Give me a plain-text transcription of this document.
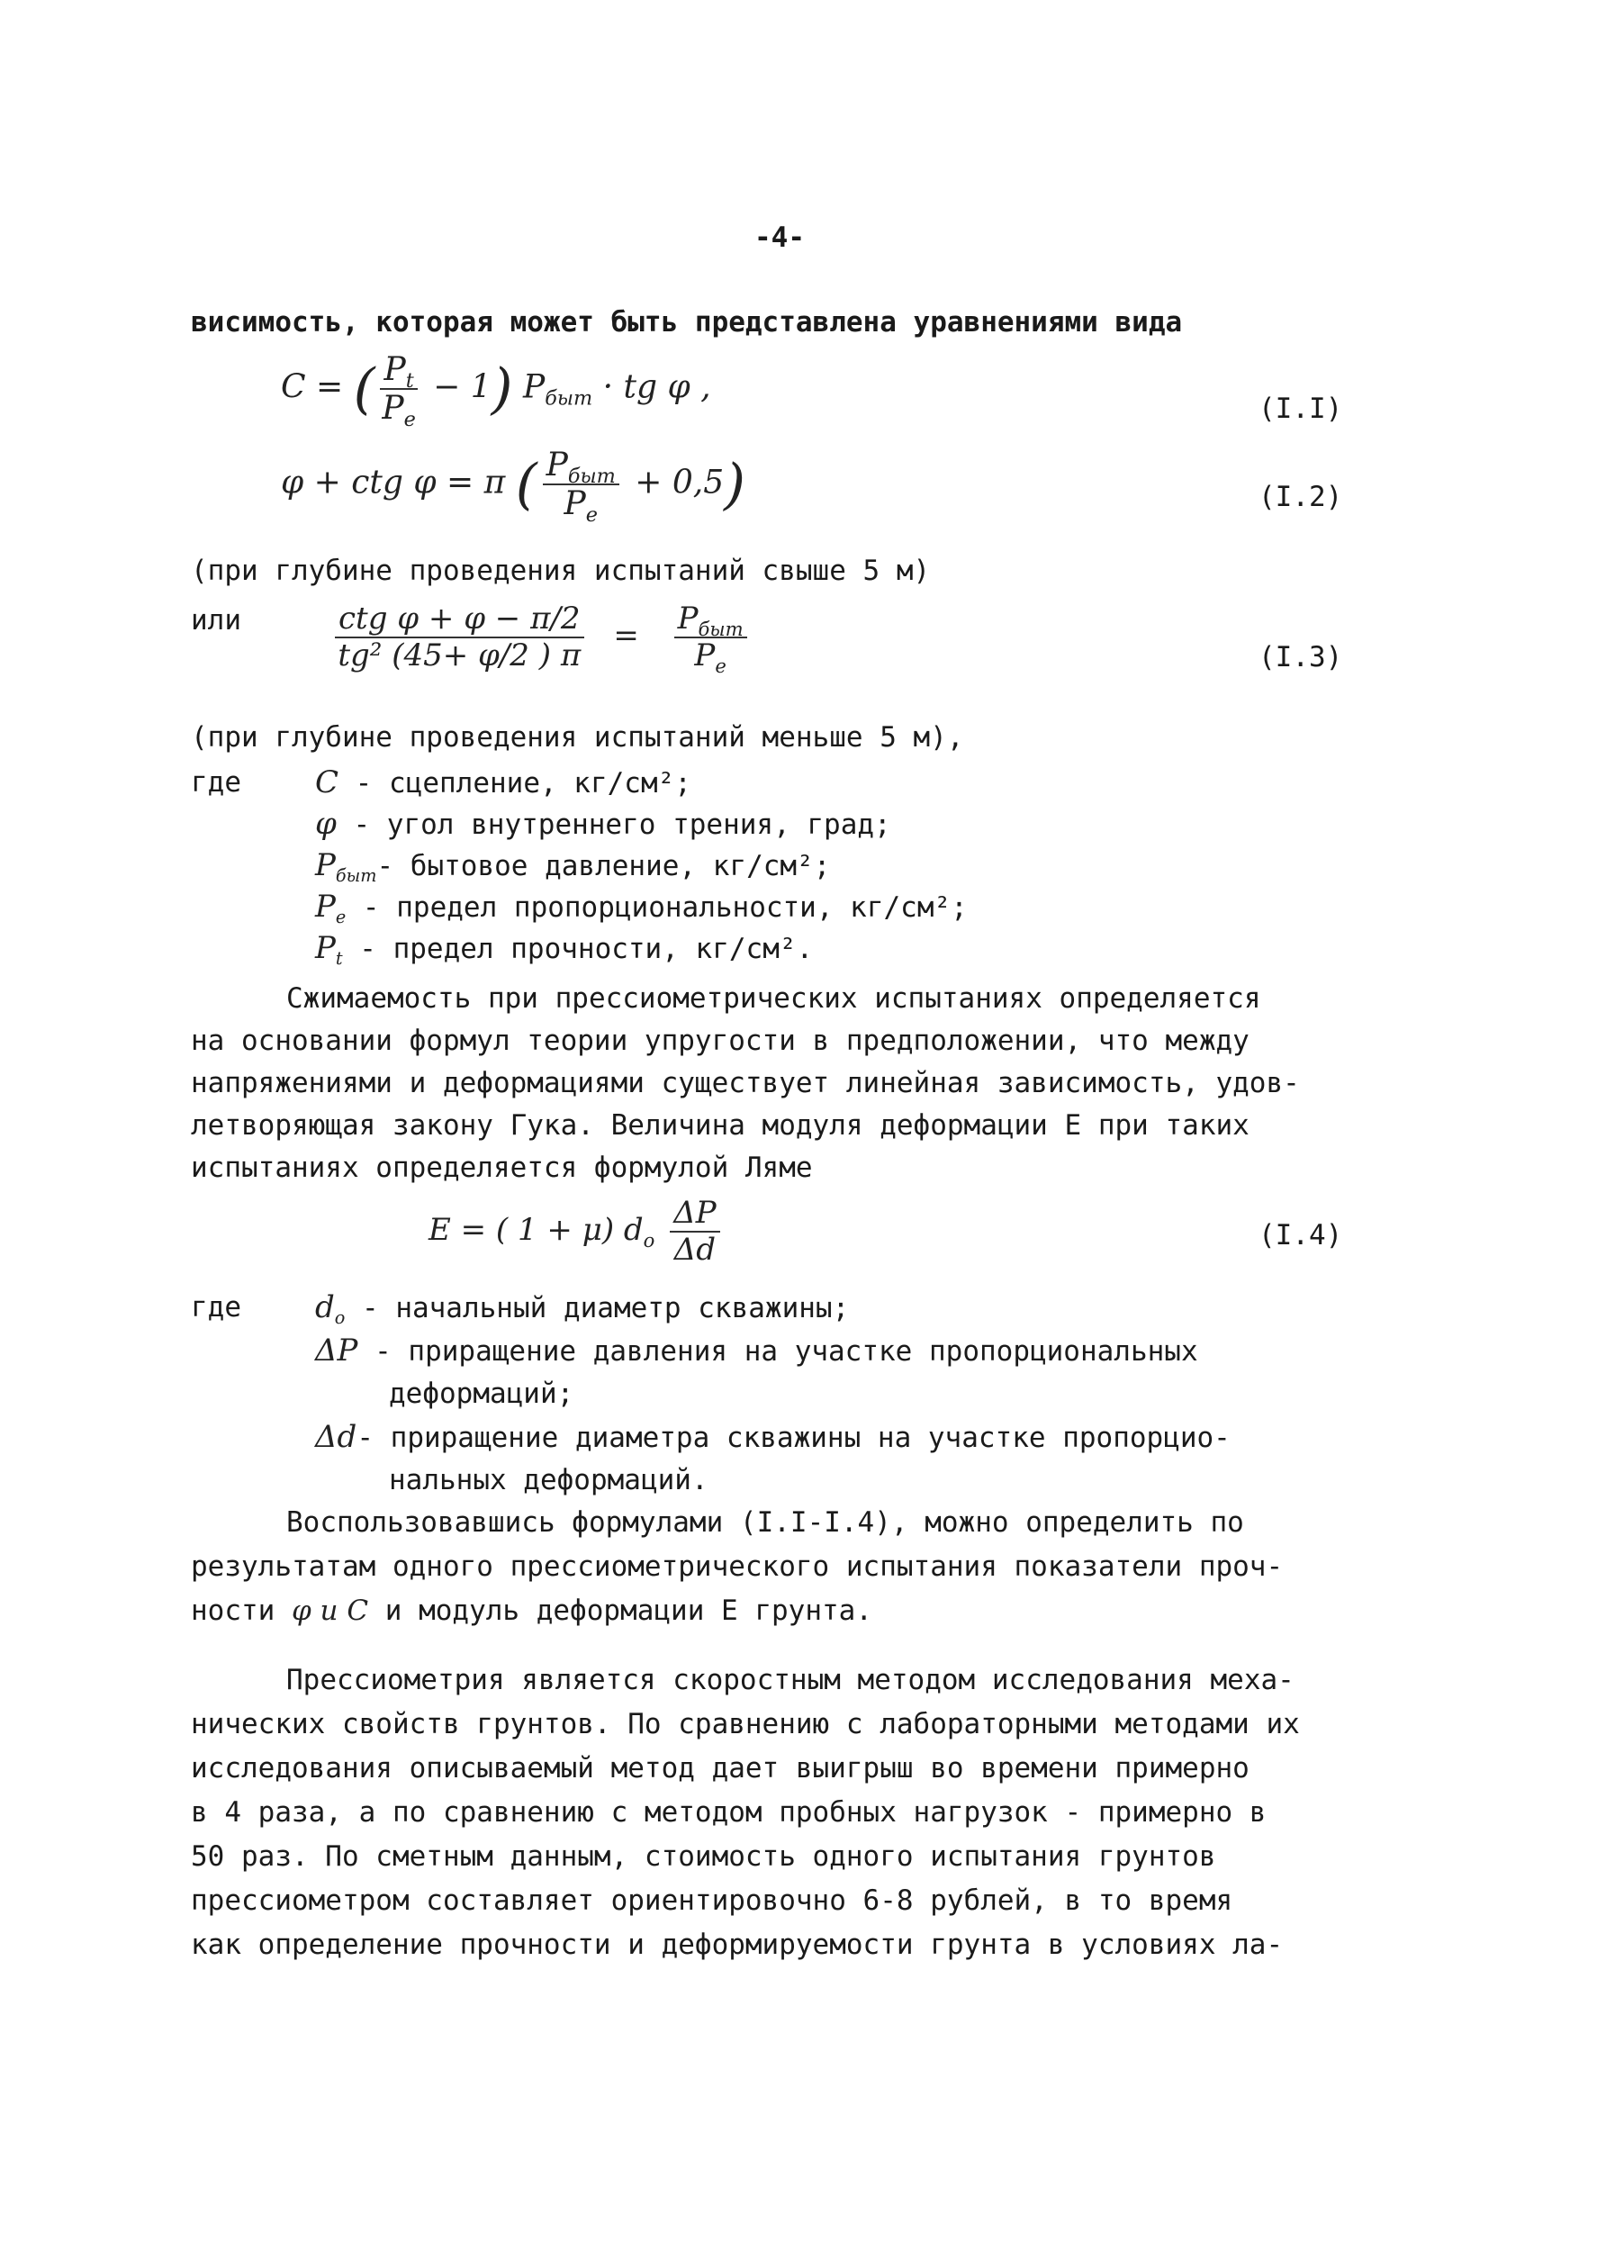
-4-
висимость, которая может быть представлена уравнениями вида
C = ( $\frac{P_t}{P_e} - 1$) $P_{быт}$ · tg φ ,
(I.I)
φ + ctg φ = π ( $\frac{P_{быт}}{P_e} + 0,5$)	(I.2)
(при глубине проведения испытаний свыше 5 м)
или	$\frac{\text{ctg φ + φ − π/2}}{\text{tg² (45+ φ/2 ) π}} = \frac{P_{быт}}{P_e}$	(I.3)
(при глубине проведения испытаний меньше 5 м),
где C - сцепление, кг/см²;
φ - угол внутреннего трения, град;
$P_{быт}-$ бытовое давление, кг/см²;
$P_e$ - предел пропорциональности, кг/см²;
$P_t$ - предел прочности, кг/см².
Сжимаемость при прессиометрических испытаниях определяется
на основании формул теории упругости в предположении, что между
напряжениями и деформациями существует линейная зависимость, удов-
летворяющая закону Гука. Величина модуля деформации Е при таких
испытаниях определяется формулой Ляме
E = ( 1 + μ) $d_o \frac{\Delta P}{\Delta d}$	(I.4)
где $d_o$ - начальный диаметр скважины;
ΔP - приращение давления на участке пропорциональных
деформаций;
Δd- приращение диаметра скважины на участке пропорцио-
нальных деформаций.
Воспользовавшись формулами (I.I-I.4), можно определить по
результатам одного прессиометрического испытания показатели проч-
ности φ и C и модуль деформации Е грунта.
Прессиометрия является скоростным методом исследования меха-
нических свойств грунтов. По сравнению с лабораторными методами их
исследования описываемый метод дает выигрыш во времени примерно
в 4 раза, а по сравнению с методом пробных нагрузок - примерно в
50 раз. По сметным данным, стоимость одного испытания грунтов
прессиометром составляет ориентировочно 6-8 рублей, в то время
как определение прочности и деформируемости грунта в условиях ла-
